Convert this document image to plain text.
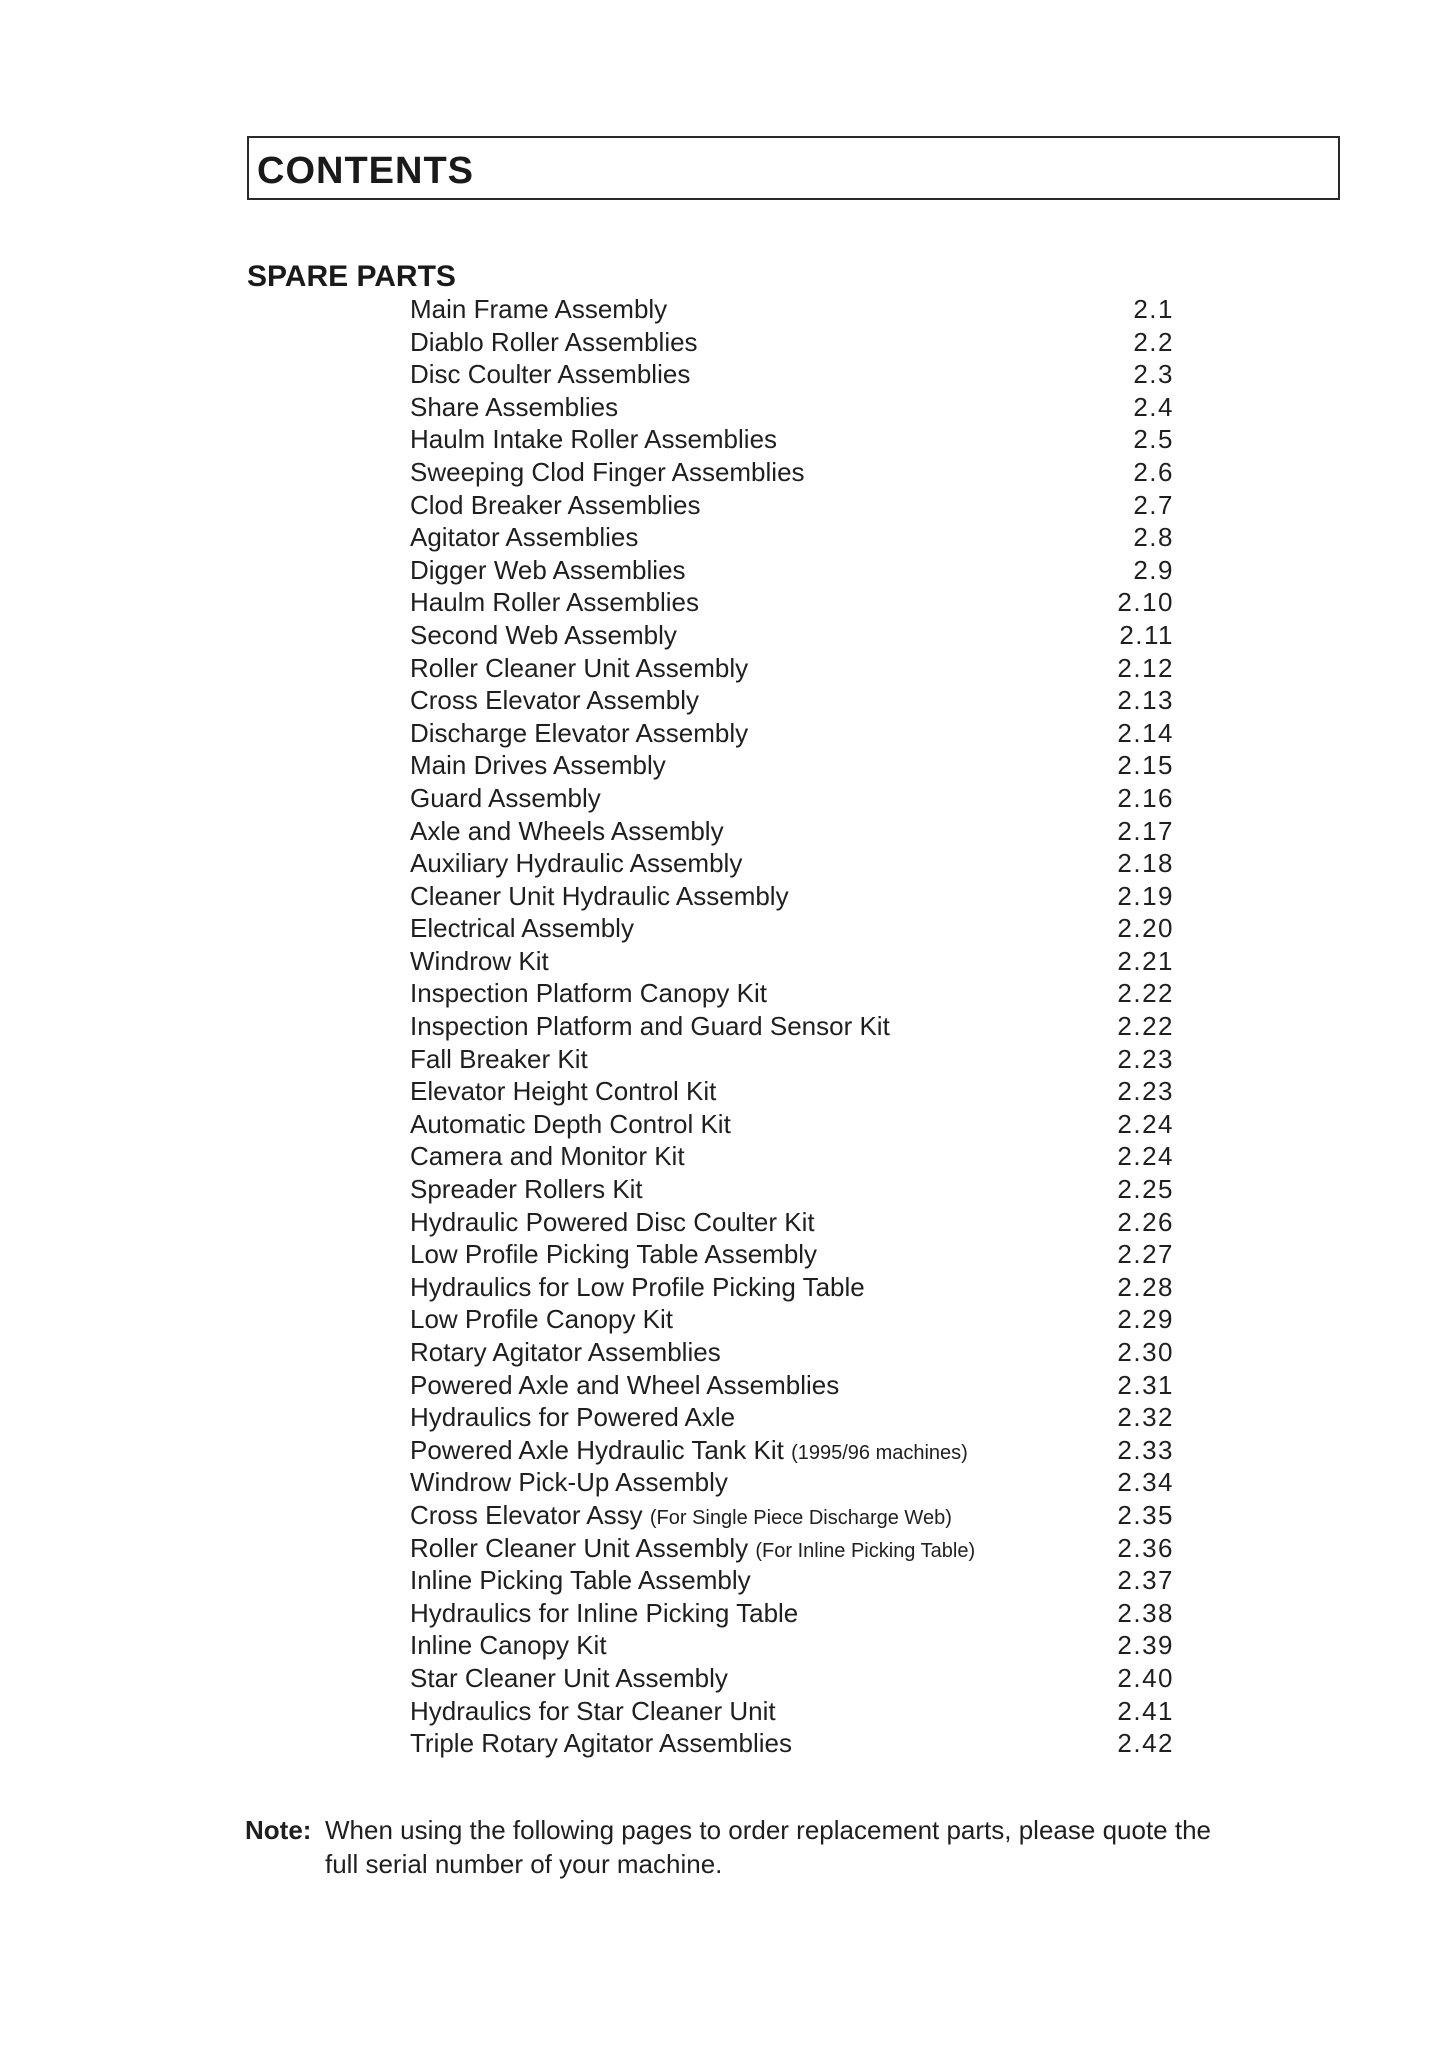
CONTENTS
SPARE PARTS
Main Frame Assembly	2.1
Diablo Roller Assemblies	2.2
Disc Coulter Assemblies	2.3
Share Assemblies	2.4
Haulm Intake Roller Assemblies	2.5
Sweeping Clod Finger Assemblies	2.6
Clod Breaker Assemblies	2.7
Agitator Assemblies	2.8
Digger Web Assemblies	2.9
Haulm Roller Assemblies	2.10
Second Web Assembly	2.11
Roller Cleaner Unit Assembly	2.12
Cross Elevator Assembly	2.13
Discharge Elevator Assembly	2.14
Main Drives Assembly	2.15
Guard Assembly	2.16
Axle and Wheels Assembly	2.17
Auxiliary Hydraulic Assembly	2.18
Cleaner Unit Hydraulic Assembly	2.19
Electrical Assembly	2.20
Windrow Kit	2.21
Inspection Platform Canopy Kit	2.22
Inspection Platform and Guard Sensor Kit	2.22
Fall Breaker Kit	2.23
Elevator Height Control Kit	2.23
Automatic Depth Control Kit	2.24
Camera and Monitor Kit	2.24
Spreader Rollers Kit	2.25
Hydraulic Powered Disc Coulter Kit	2.26
Low Profile Picking Table Assembly	2.27
Hydraulics for Low Profile Picking Table	2.28
Low Profile Canopy Kit	2.29
Rotary Agitator Assemblies	2.30
Powered Axle and Wheel Assemblies	2.31
Hydraulics for Powered Axle	2.32
Powered Axle Hydraulic Tank Kit (1995/96 machines)	2.33
Windrow Pick-Up Assembly	2.34
Cross Elevator Assy (For Single Piece Discharge Web)	2.35
Roller Cleaner Unit Assembly (For Inline Picking Table)	2.36
Inline Picking Table Assembly	2.37
Hydraulics for Inline Picking Table	2.38
Inline Canopy Kit	2.39
Star Cleaner Unit Assembly	2.40
Hydraulics for Star Cleaner Unit	2.41
Triple Rotary Agitator Assemblies	2.42
Note: When using the following pages to order replacement parts, please quote the
full serial number of your machine.
